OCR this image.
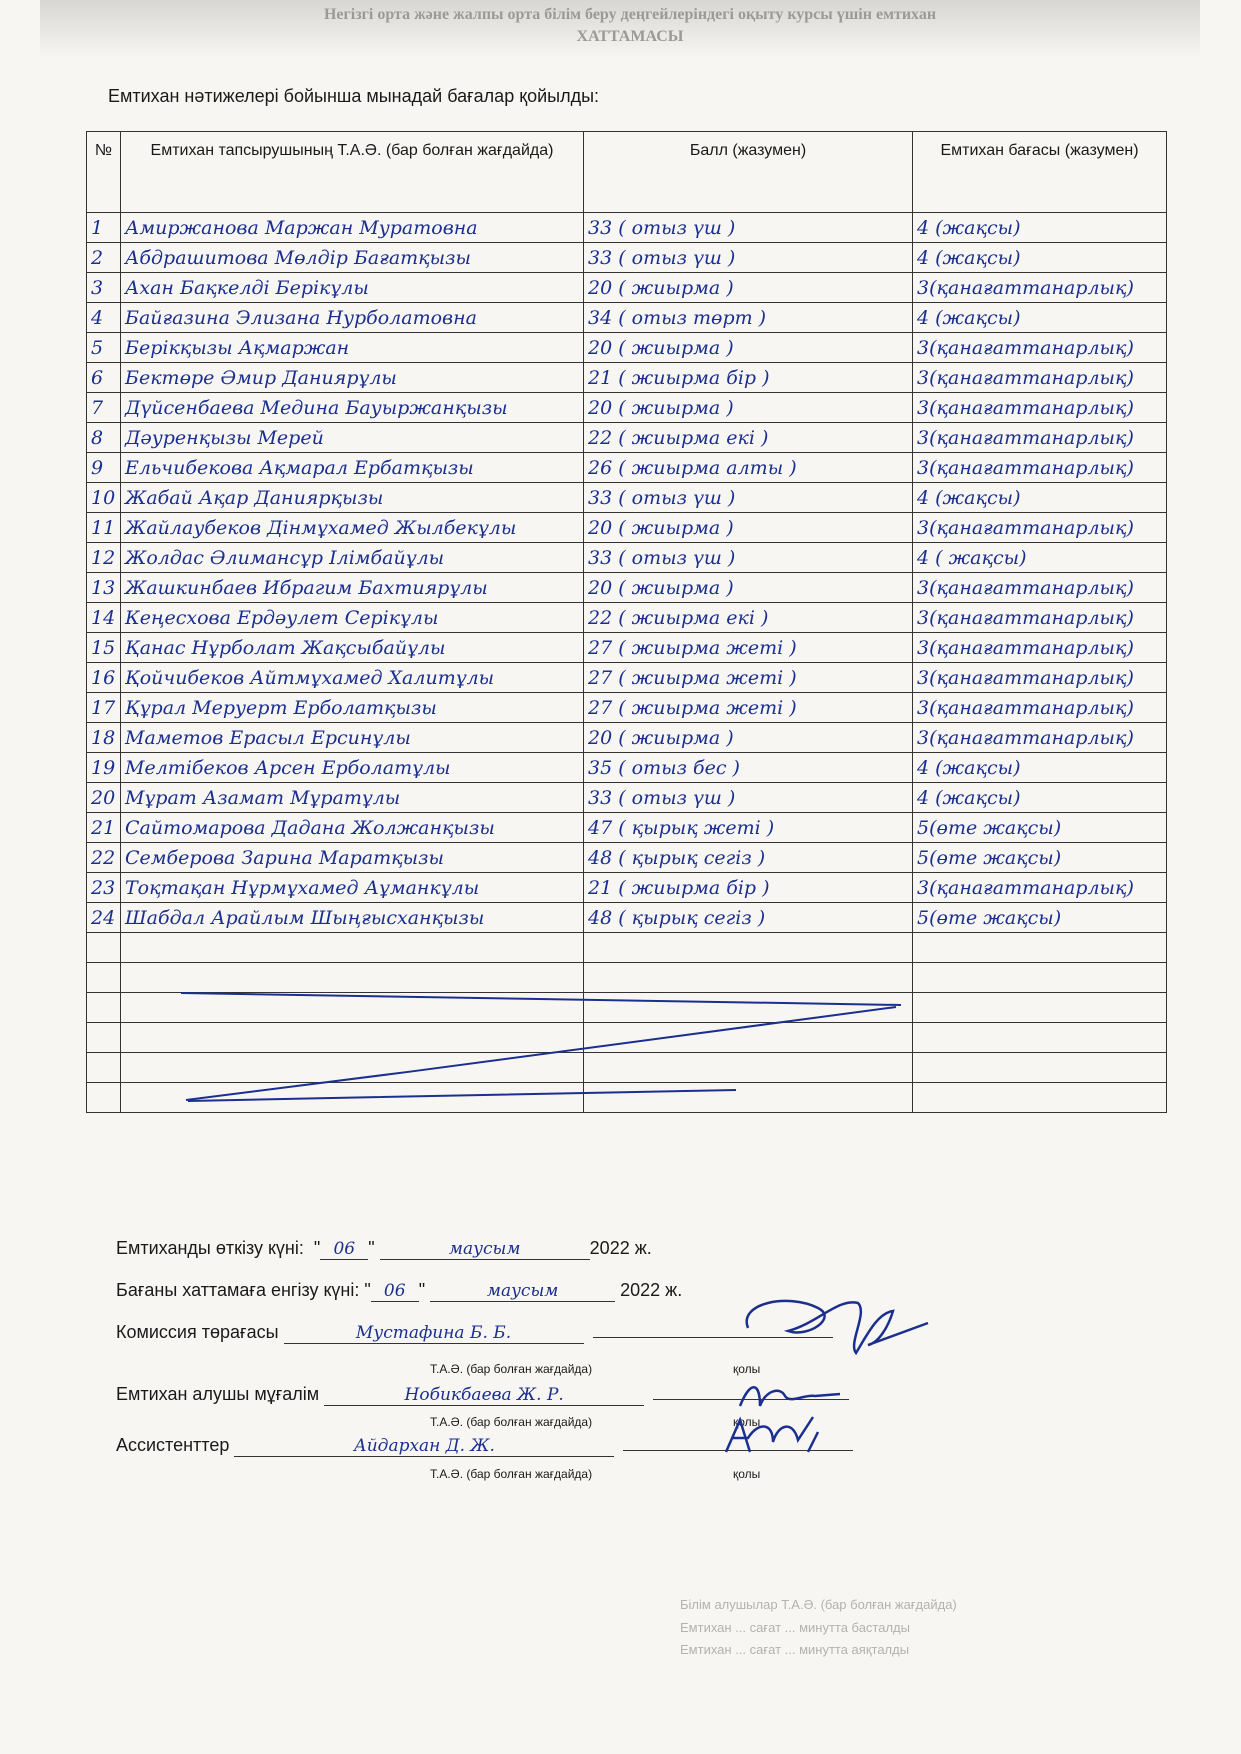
Негізгі орта және жалпы орта білім беру деңгейлеріндегі оқыту курсы үшін емтихан
ХАТТАМАСЫ
Емтихан нәтижелері бойынша мынадай бағалар қойылды:
№	Емтихан тапсырушының Т.А.Ә. (бар болған жағдайда)	Балл (жазумен)	Емтихан бағасы (жазумен)
1	Амиржанова Маржан Муратовна	33 ( отыз үш )	4 (жақсы)
2	Абдрашитова Мөлдір Бағатқызы	33 ( отыз үш )	4 (жақсы)
3	Ахан Бақкелді Берікұлы	20 ( жиырма )	3(қанағаттанарлық)
4	Байғазина Элизана Нурболатовна	34 ( отыз төрт )	4 (жақсы)
5	Берікқызы Ақмаржан	20 ( жиырма )	3(қанағаттанарлық)
6	Бектөре Әмир Даниярұлы	21 ( жиырма бір )	3(қанағаттанарлық)
7	Дүйсенбаева Медина Бауыржанқызы	20 ( жиырма )	3(қанағаттанарлық)
8	Дәуренқызы Мерей	22 ( жиырма екі )	3(қанағаттанарлық)
9	Ельчибекова Ақмарал Ербатқызы	26 ( жиырма алты )	3(қанағаттанарлық)
10	Жабай Ақар Даниярқызы	33 ( отыз үш )	4 (жақсы)
11	Жайлаубеков Дінмұхамед Жылбекұлы	20 ( жиырма )	3(қанағаттанарлық)
12	Жолдас Әлимансұр Ілімбайұлы	33 ( отыз үш )	4 ( жақсы)
13	Жашкинбаев Ибрагим Бахтиярұлы	20 ( жиырма )	3(қанағаттанарлық)
14	Кеңесхова Ердәулет Серікұлы	22 ( жиырма екі )	3(қанағаттанарлық)
15	Қанас Нұрболат Жақсыбайұлы	27 ( жиырма жеті )	3(қанағаттанарлық)
16	Қойчибеков Айтмұхамед Халитұлы	27 ( жиырма жеті )	3(қанағаттанарлық)
17	Құрал Меруерт Ерболатқызы	27 ( жиырма жеті )	3(қанағаттанарлық)
18	Маметов Ерасыл Ерсинұлы	20 ( жиырма )	3(қанағаттанарлық)
19	Мелтібеков Арсен Ерболатұлы	35 ( отыз бес )	4 (жақсы)
20	Мұрат Азамат Мұратұлы	33 ( отыз үш )	4 (жақсы)
21	Сайтомарова Дадана Жолжанқызы	47 ( қырық жеті )	5(өте жақсы)
22	Семберова Зарина Маратқызы	48 ( қырық сегіз )	5(өте жақсы)
23	Тоқтақан Нұрмұхамед Аұманкұлы	21 ( жиырма бір )	3(қанағаттанарлық)
24	Шабдал Арайлым Шыңғысханқызы	48 ( қырық сегіз )	5(өте жақсы)

Емтиханды өткізу күні:  " 06 "	маусым	2022 ж.
Бағаны хаттамаға енгізу күні: " 06 "	маусым	2022 ж.
Комиссия төрағасы	Мустафина Б. Б.
Т.А.Ә. (бар болған жағдайда)	қолы
Емтихан алушы мұғалім	Нобикбаева Ж. Р.
Т.А.Ә. (бар болған жағдайда)	қолы
Ассистенттер	Айдархан Д. Ж.
Т.А.Ә. (бар болған жағдайда)	қолы
Білім алушылар Т.А.Ә. (бар болған жағдайда)
Емтихан ... сағат ... минутта басталды
Емтихан ... сағат ... минутта аяқталды
